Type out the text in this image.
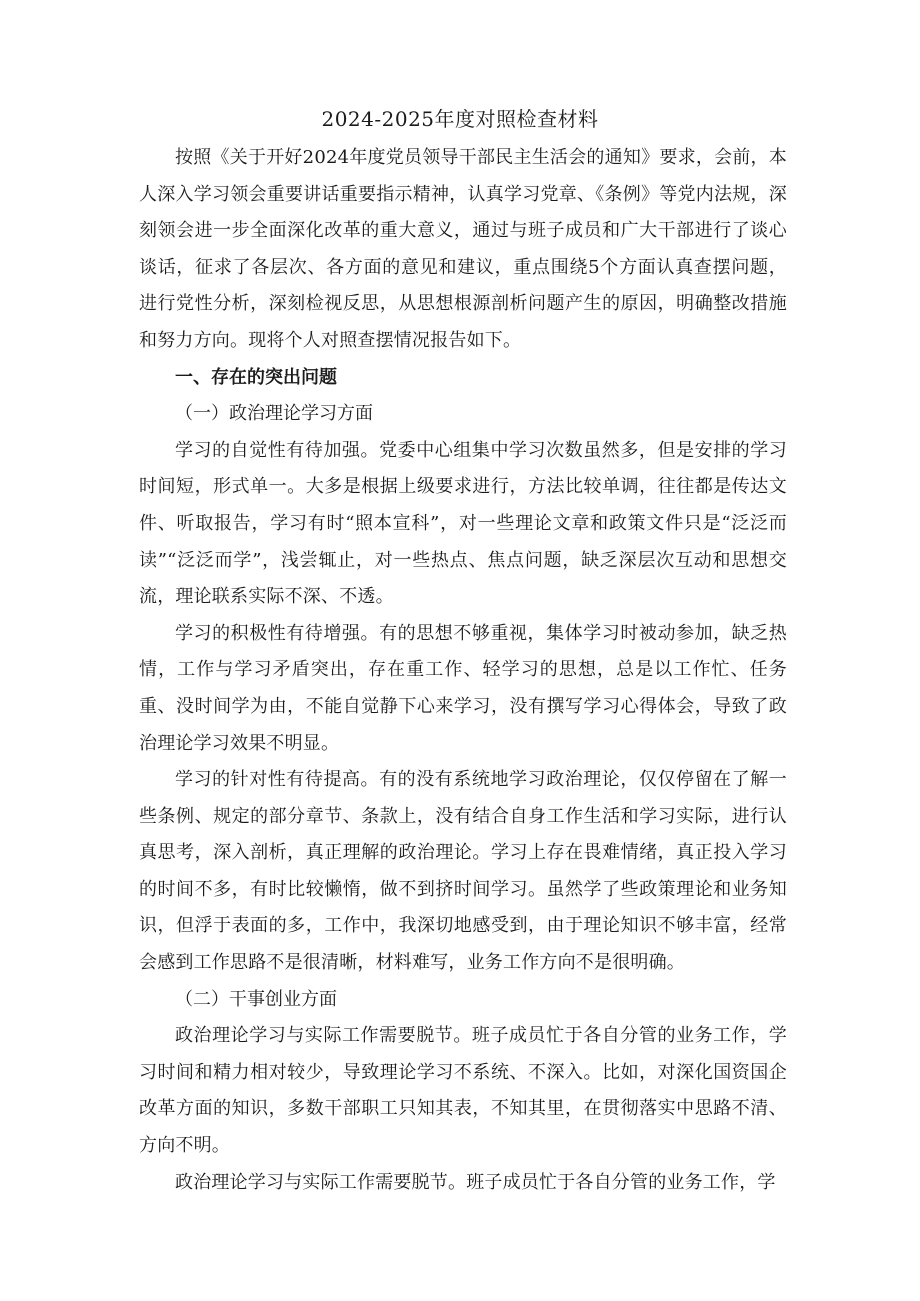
2024-2025年度对照检查材料

按照《关于开好2024年度党员领导干部民主生活会的通知》要求，会前，本人深入学习领会重要讲话重要指示精神，认真学习党章、《条例》等党内法规，深刻领会进一步全面深化改革的重大意义，通过与班子成员和广大干部进行了谈心谈话，征求了各层次、各方面的意见和建议，重点围绕5个方面认真查摆问题，进行党性分析，深刻检视反思，从思想根源剖析问题产生的原因，明确整改措施和努力方向。现将个人对照查摆情况报告如下。

一、存在的突出问题

（一）政治理论学习方面

学习的自觉性有待加强。党委中心组集中学习次数虽然多，但是安排的学习时间短，形式单一。大多是根据上级要求进行，方法比较单调，往往都是传达文件、听取报告，学习有时“照本宣科”，对一些理论文章和政策文件只是“泛泛而读”“泛泛而学”，浅尝辄止，对一些热点、焦点问题，缺乏深层次互动和思想交流，理论联系实际不深、不透。

学习的积极性有待增强。有的思想不够重视，集体学习时被动参加，缺乏热情，工作与学习矛盾突出，存在重工作、轻学习的思想，总是以工作忙、任务重、没时间学为由，不能自觉静下心来学习，没有撰写学习心得体会，导致了政治理论学习效果不明显。

学习的针对性有待提高。有的没有系统地学习政治理论，仅仅停留在了解一些条例、规定的部分章节、条款上，没有结合自身工作生活和学习实际，进行认真思考，深入剖析，真正理解的政治理论。学习上存在畏难情绪，真正投入学习的时间不多，有时比较懒惰，做不到挤时间学习。虽然学了些政策理论和业务知识，但浮于表面的多，工作中，我深切地感受到，由于理论知识不够丰富，经常会感到工作思路不是很清晰，材料难写，业务工作方向不是很明确。

（二）干事创业方面

政治理论学习与实际工作需要脱节。班子成员忙于各自分管的业务工作，学习时间和精力相对较少，导致理论学习不系统、不深入。比如，对深化国资国企改革方面的知识，多数干部职工只知其表，不知其里，在贯彻落实中思路不清、方向不明。

政治理论学习与实际工作需要脱节。班子成员忙于各自分管的业务工作，学
